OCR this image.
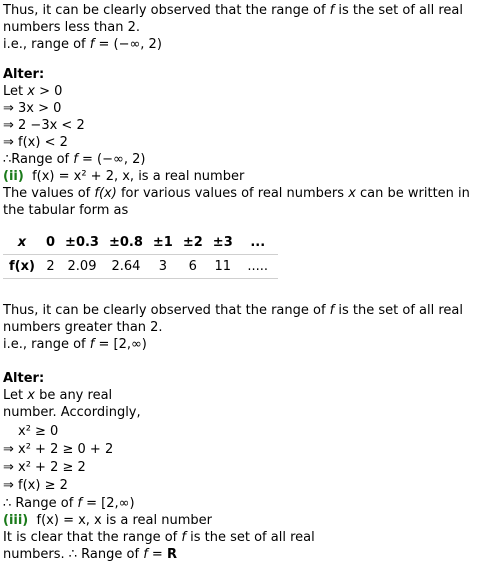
Thus, it can be clearly observed that the range of f is the set of all real
numbers less than 2.
i.e., range of f = (−∞, 2)
Alter:
Let x > 0
⇒ 3x > 0
⇒ 2 −3x < 2
⇒ f(x) < 2
∴Range of f = (−∞, 2)
(ii) f(x) = x² + 2, x, is a real number
The values of f(x) for various values of real numbers x can be written in
the tabular form as
x	0	±0.3	±0.8	±1	±2	±3	...
f(x)	2	2.09	2.64	3	6	11	.....
Thus, it can be clearly observed that the range of f is the set of all real
numbers greater than 2.
i.e., range of f = [2,∞)
Alter:
Let x be any real
number. Accordingly,
x² ≥ 0
⇒ x² + 2 ≥ 0 + 2
⇒ x² + 2 ≥ 2
⇒ f(x) ≥ 2
∴ Range of f = [2,∞)
(iii) f(x) = x, x is a real number
It is clear that the range of f is the set of all real
numbers. ∴ Range of f = R
